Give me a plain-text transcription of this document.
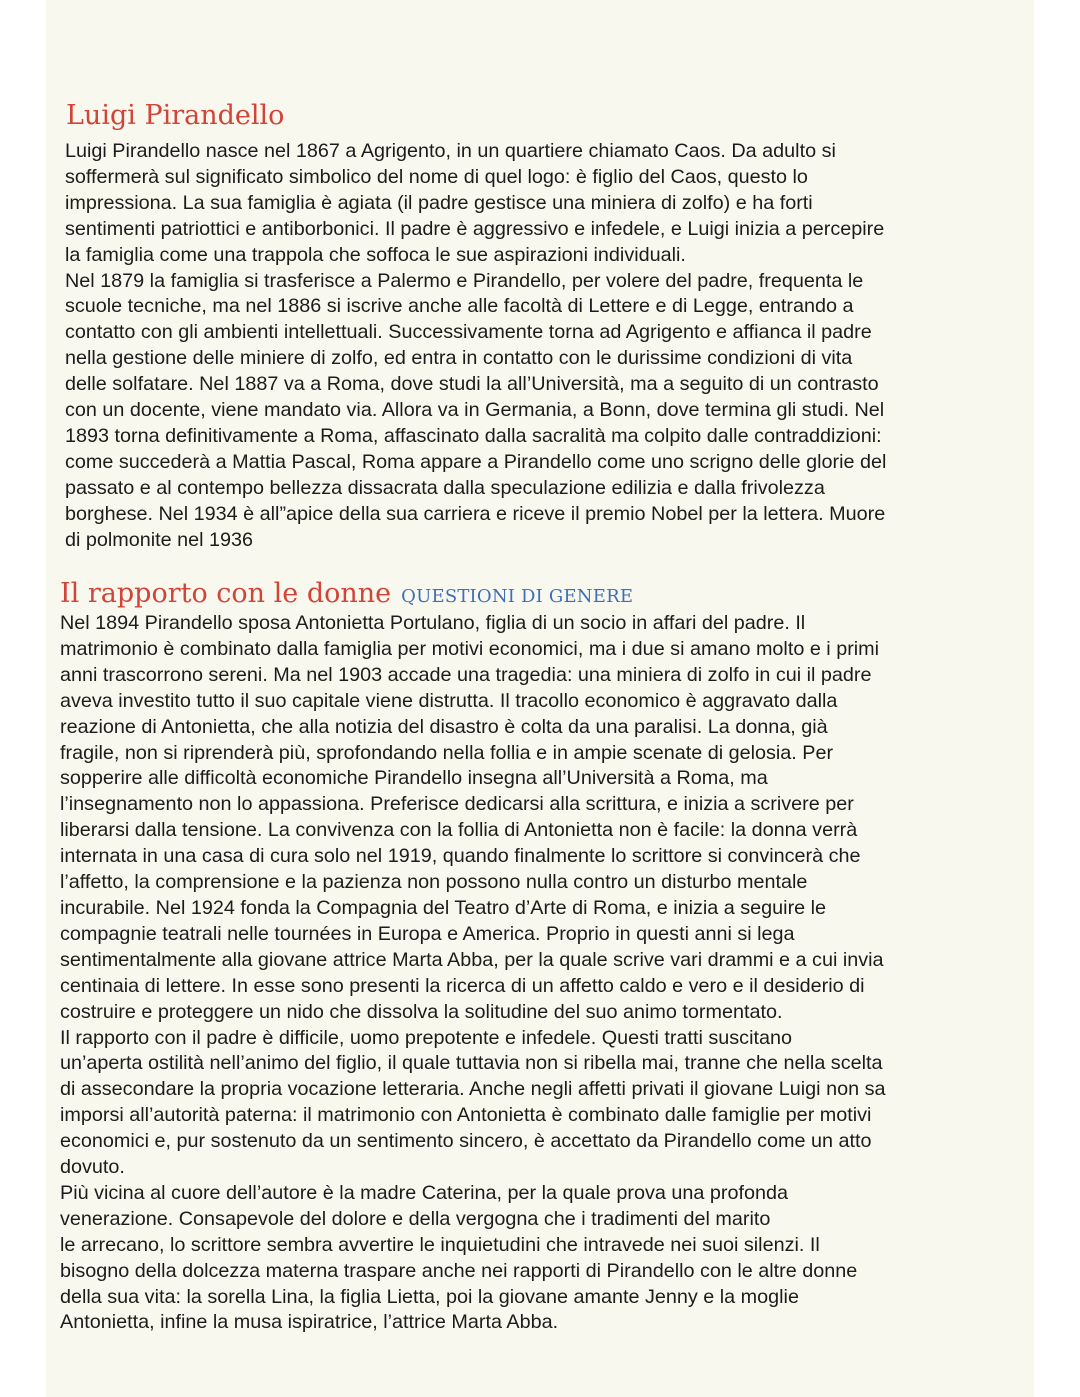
Luigi Pirandello
Luigi Pirandello nasce nel 1867 a Agrigento, in un quartiere chiamato Caos. Da adulto si
soffermerà sul significato simbolico del nome di quel logo: è figlio del Caos, questo lo
impressiona. La sua famiglia è agiata (il padre gestisce una miniera di zolfo) e ha forti
sentimenti patriottici e antiborbonici. Il padre è aggressivo e infedele, e Luigi inizia a percepire
la famiglia come una trappola che soffoca le sue aspirazioni individuali.
Nel 1879 la famiglia si trasferisce a Palermo e Pirandello, per volere del padre, frequenta le
scuole tecniche, ma nel 1886 si iscrive anche alle facoltà di Lettere e di Legge, entrando a
contatto con gli ambienti intellettuali. Successivamente torna ad Agrigento e affianca il padre
nella gestione delle miniere di zolfo, ed entra in contatto con le durissime condizioni di vita
delle solfatare. Nel 1887 va a Roma, dove studi la all’Università, ma a seguito di un contrasto
con un docente, viene mandato via. Allora va in Germania, a Bonn, dove termina gli studi. Nel
1893 torna definitivamente a Roma, affascinato dalla sacralità ma colpito dalle contraddizioni:
come succederà a Mattia Pascal, Roma appare a Pirandello come uno scrigno delle glorie del
passato e al contempo bellezza dissacrata dalla speculazione edilizia e dalla frivolezza
borghese. Nel 1934 è all”apice della sua carriera e riceve il premio Nobel per la lettera. Muore
di polmonite nel 1936
Il rapporto con le donne QUESTIONI DI GENERE
Nel 1894 Pirandello sposa Antonietta Portulano, figlia di un socio in affari del padre. Il
matrimonio è combinato dalla famiglia per motivi economici, ma i due si amano molto e i primi
anni trascorrono sereni. Ma nel 1903 accade una tragedia: una miniera di zolfo in cui il padre
aveva investito tutto il suo capitale viene distrutta. Il tracollo economico è aggravato dalla
reazione di Antonietta, che alla notizia del disastro è colta da una paralisi. La donna, già
fragile, non si riprenderà più, sprofondando nella follia e in ampie scenate di gelosia. Per
sopperire alle difficoltà economiche Pirandello insegna all’Università a Roma, ma
l’insegnamento non lo appassiona. Preferisce dedicarsi alla scrittura, e inizia a scrivere per
liberarsi dalla tensione. La convivenza con la follia di Antonietta non è facile: la donna verrà
internata in una casa di cura solo nel 1919, quando finalmente lo scrittore si convincerà che
l’affetto, la comprensione e la pazienza non possono nulla contro un disturbo mentale
incurabile. Nel 1924 fonda la Compagnia del Teatro d’Arte di Roma, e inizia a seguire le
compagnie teatrali nelle tournées in Europa e America. Proprio in questi anni si lega
sentimentalmente alla giovane attrice Marta Abba, per la quale scrive vari drammi e a cui invia
centinaia di lettere. In esse sono presenti la ricerca di un affetto caldo e vero e il desiderio di
costruire e proteggere un nido che dissolva la solitudine del suo animo tormentato.
Il rapporto con il padre è difficile, uomo prepotente e infedele. Questi tratti suscitano
un’aperta ostilità nell’animo del figlio, il quale tuttavia non si ribella mai, tranne che nella scelta
di assecondare la propria vocazione letteraria. Anche negli affetti privati il giovane Luigi non sa
imporsi all’autorità paterna: il matrimonio con Antonietta è combinato dalle famiglie per motivi
economici e, pur sostenuto da un sentimento sincero, è accettato da Pirandello come un atto
dovuto.
Più vicina al cuore dell’autore è la madre Caterina, per la quale prova una profonda
venerazione. Consapevole del dolore e della vergogna che i tradimenti del marito
le arrecano, lo scrittore sembra avvertire le inquietudini che intravede nei suoi silenzi. Il
bisogno della dolcezza materna traspare anche nei rapporti di Pirandello con le altre donne
della sua vita: la sorella Lina, la figlia Lietta, poi la giovane amante Jenny e la moglie
Antonietta, infine la musa ispiratrice, l’attrice Marta Abba.
